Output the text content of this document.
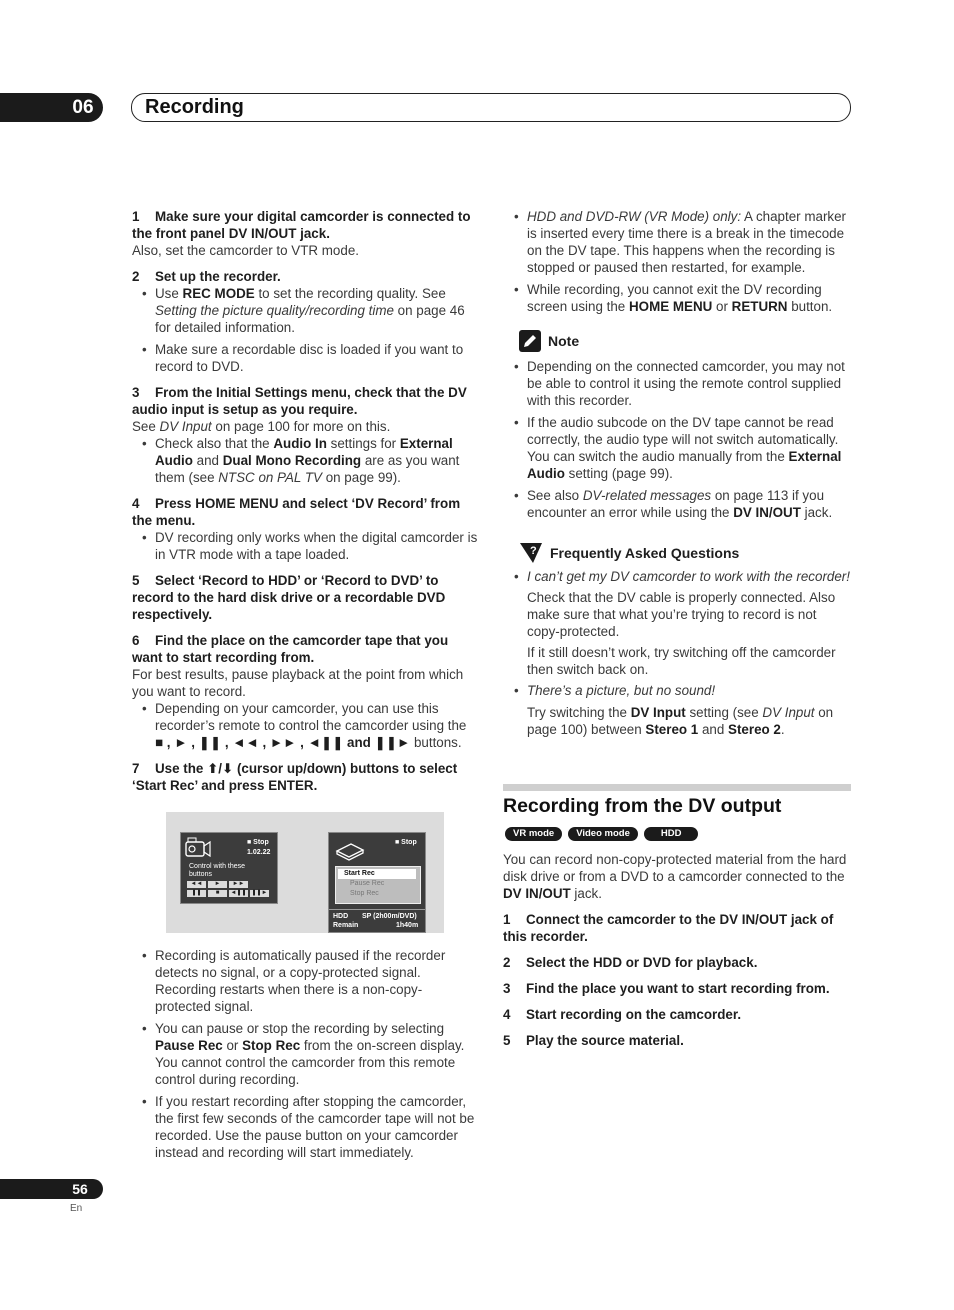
06	Recording

1 Make sure your digital camcorder is connected to the front panel DV IN/OUT jack.

Also, set the camcorder to VTR mode.

2 Set up the recorder.

• Use REC MODE to set the recording quality. See Setting the picture quality/recording time on page 46 for detailed information.
• Make sure a recordable disc is loaded if you want to record to DVD.

3 From the Initial Settings menu, check that the DV audio input is setup as you require.

See DV Input on page 100 for more on this.

• Check also that the Audio In settings for External Audio and Dual Mono Recording are as you want them (see NTSC on PAL TV on page 99).

4 Press HOME MENU and select ‘DV Record’ from the menu.

• DV recording only works when the digital camcorder is in VTR mode with a tape loaded.

5 Select ‘Record to HDD’ or ‘Record to DVD’ to record to the hard disk drive or a recordable DVD respectively.

6 Find the place on the camcorder tape that you want to start recording from.

For best results, pause playback at the point from which you want to record.

• Depending on your camcorder, you can use this recorder’s remote to control the camcorder using the ■ , ► , ❚❚ , ◄◄ , ►► , ◄❚❚ and ❚❚► buttons.

7 Use the ⬆/⬇ (cursor up/down) buttons to select ‘Start Rec’ and press ENTER.

■ Stop
1.02.22
Control with these buttons
◄◄	►	►►
❚❚	■	◄❚❚ ❚❚►
■ Stop
Start Rec
Pause Rec
Stop Rec
HDD SP (2h00m/DVD)
Remain	1h40m
• Recording is automatically paused if the recorder detects no signal, or a copy-protected signal. Recording restarts when there is a non-copy-protected signal.
• You can pause or stop the recording by selecting Pause Rec or Stop Rec from the on-screen display. You cannot control the camcorder from this remote control during recording.
• If you restart recording after stopping the camcorder, the first few seconds of the camcorder tape will not be recorded. Use the pause button on your camcorder instead and recording will start immediately.
• HDD and DVD-RW (VR Mode) only: A chapter marker is inserted every time there is a break in the timecode on the DV tape. This happens when the recording is stopped or paused then restarted, for example.
• While recording, you cannot exit the DV recording screen using the HOME MENU or RETURN button.
Note
• Depending on the connected camcorder, you may not be able to control it using the remote control supplied with this recorder.
• If the audio subcode on the DV tape cannot be read correctly, the audio type will not switch automatically. You can switch the audio manually from the External Audio setting (page 99).
• See also DV-related messages on page 113 if you encounter an error while using the DV IN/OUT jack.
? Frequently Asked Questions
• I can’t get my DV camcorder to work with the recorder!

Check that the DV cable is properly connected. Also make sure that what you’re trying to record is not copy-protected.

If it still doesn’t work, try switching off the camcorder then switch back on.

• There’s a picture, but no sound!

Try switching the DV Input setting (see DV Input on page 100) between Stereo 1 and Stereo 2.

Recording from the DV output
VR mode	Video mode	HDD

You can record non-copy-protected material from the hard disk drive or from a DVD to a camcorder connected to the DV IN/OUT jack.

1 Connect the camcorder to the DV IN/OUT jack of this recorder.

2 Select the HDD or DVD for playback.

3 Find the place you want to start recording from.

4 Start recording on the camcorder.

5 Play the source material.

56
En
